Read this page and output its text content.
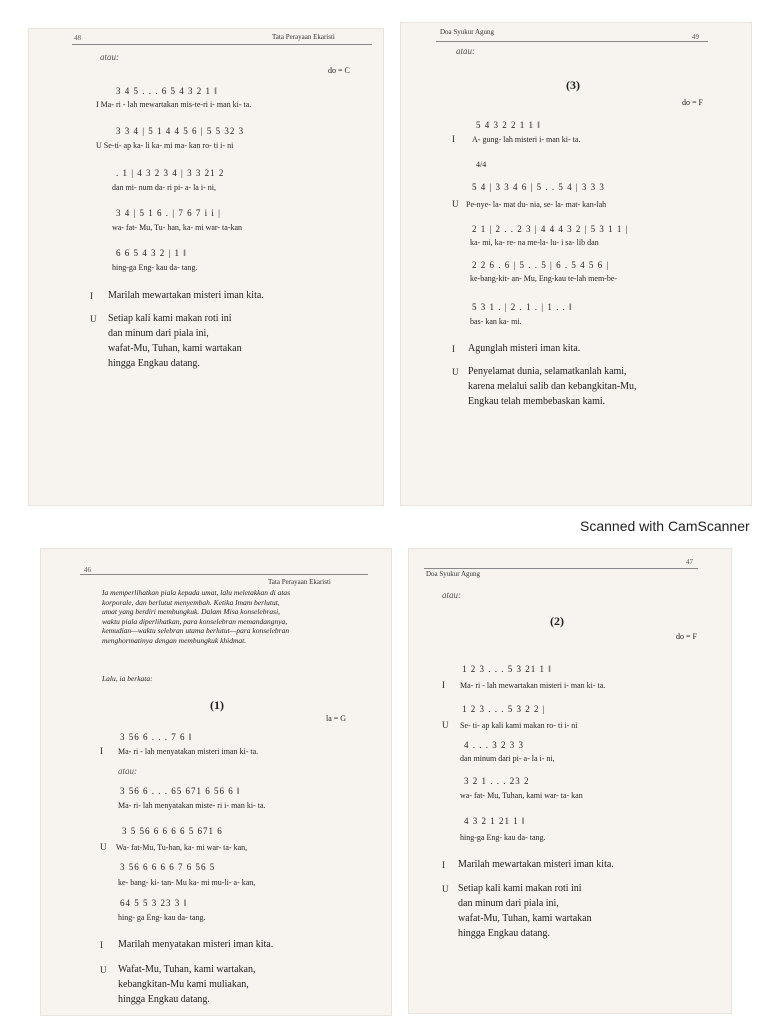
48	Tata Perayaan Ekaristi
atau:
do = C
3 4 5 . . . 6 5 4 3 2 1 ‖
I Ma- ri - lah mewartakan mis-te-ri i- man ki- ta.
3 3 4 | 5 1 4 4 5 6 | 5 5 32 3
U Se-ti- ap ka- li ka- mi ma- kan ro- ti i- ni
. 1 | 4 3 2 3 4 | 3 3 21 2
dan mi- num da- ri pi- a- la i- ni,
3 4 | 5 1 6 . | 7 6 7 i i |
wa- fat- Mu, Tu- han, ka- mi war- ta-kan
6 6 5 4 3 2 | 1 ‖
hing-ga Eng- kau da- tang.
I Marilah mewartakan misteri iman kita.
U Setiap kali kami makan roti ini
dan minum dari piala ini,
wafat-Mu, Tuhan, kami wartakan
hingga Engkau datang.
Doa Syukur Agung
49
atau:
(3)
do = F
5 4 3 2 2 1 1 ‖
I A- gung- lah misteri i- man ki- ta.
4/4
5 4 | 3 3 4 6 | 5 . . 5 4 | 3 3 3
U Pe-nye- la- mat du- nia, se- la- mat- kan-lah
2 1 | 2 . . 2 3 | 4 4 4 3 2 | 5 3 1 1 |
ka- mi, ka- re- na me-la- lu- i sa- lib dan
2 2 6 . 6 | 5 . . 5 | 6 . 5 4 5 6 |
ke-bang-kit- an- Mu, Eng-kau te-lah mem-be-
5 3 1 . | 2 . 1 . | 1 . . ‖
bas- kan ka- mi.
I Agunglah misteri iman kita.
U Penyelamat dunia, selamatkanlah kami,
karena melalui salib dan kebangkitan-Mu,
Engkau telah membebaskan kami.
Scanned with CamScanner
46
Tata Perayaan Ekaristi
Ia memperlihatkan piala kepada umat, lalu meletakkan di atas
korporale, dan berlutut menyembah. Ketika Imam berlutut,
umat yang berdiri membungkuk. Dalam Misa konselebrasi,
waktu piala diperlihatkan, para konselebran memandangnya,
kemudian—waktu selebran utama berlutut—para konselebran
menghormatinya dengan membungkuk khidmat.
Lalu, ia berkata:
(1)
la = G
3 56 6 . . . 7 6 ‖
I Ma- ri - lah menyatakan misteri iman ki- ta.
atau:
3 56 6 . . . 65 671 6 56 6 ‖
Ma- ri- lah menyatakan miste- ri i- man ki- ta.
3 5 56 6 6 6 6 5 671 6
U Wa- fat-Mu, Tu-han, ka- mi war- ta- kan,
3 56 6 6 6 6 7 6 56 5
ke- bang- ki- tan- Mu ka- mi mu-li- a- kan,
64 5 5 3 23 3 ‖
hing- ga Eng- kau da- tang.
I Marilah menyatakan misteri iman kita.
U Wafat-Mu, Tuhan, kami wartakan,
kebangkitan-Mu kami muliakan,
hingga Engkau datang.
Doa Syukur Agung
47
atau:
(2)
do = F
1 2 3 . . . 5 3 21 1 ‖
I Ma- ri - lah mewartakan misteri i- man ki- ta.
1 2 3 . . . 5 3 2 2 |
U Se- ti- ap kali kami makan ro- ti i- ni
4 . . . 3 2 3 3
dan minum dari pi- a- la i- ni,
3 2 1 . . . 23 2
wa- fat- Mu, Tuhan, kami war- ta- kan
4 3 2 1 21 1 ‖
hing-ga Eng- kau da- tang.
I Marilah mewartakan misteri iman kita.
U Setiap kali kami makan roti ini
dan minum dari piala ini,
wafat-Mu, Tuhan, kami wartakan
hingga Engkau datang.
